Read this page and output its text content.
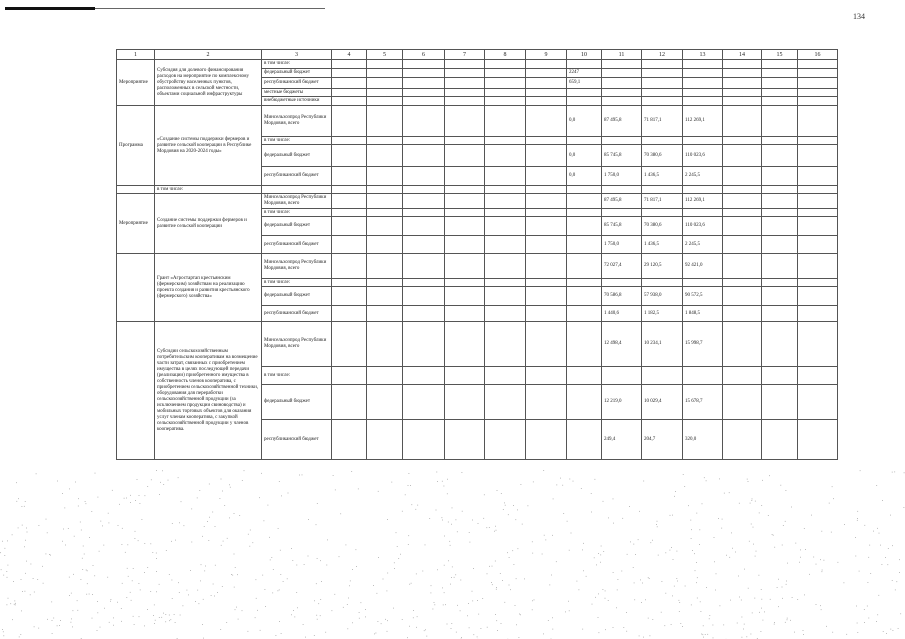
134
1	2	3	4	5	6	7	8	9	10	11	12	13	14	15	16
Мероприятие	Субсидия для долевого финансирования расходов на мероприятие по комплексному обустройству населенных пунктов, расположенных в сельской местности, объектами социальной инфраструктуры	в том числе:													
		федеральный бюджет							2247						
		республиканский бюджет							659,1						
		местные бюджеты													
		внебюджетные источники													
Программа	«Создание системы поддержки фермеров и развитие сельской кооперации в Республике Мордовия на 2020-2024 годы»	Минсельхозпрод Республики Мордовия, всего							0,0	87 495,8	71 817,1	112 269,1			
		в том числе:													
		федеральный бюджет							0,0	85 745,8	70 380,6	110 023,6			
		республиканский бюджет							0,0	1 750,0	1 436,5	2 245,5			
	в том числе:														
Мероприятие	Создание системы поддержки фермеров и развитие сельской кооперации	Минсельхозпрод Республики Мордовия, всего								87 495,8	71 817,1	112 269,1			
		в том числе:													
		федеральный бюджет								85 745,8	70 380,6	110 023,6			
		республиканский бюджет								1 750,0	1 436,5	2 245,5			
	Грант «Агростартап крестьянским (фермерским) хозяйствам на реализацию проекта создания и развития крестьянского (фермерского) хозяйства»	Минсельхозпрод Республики Мордовия, всего								72 027,4	29 120,5	92 421,0			
		в том числе:													
		федеральный бюджет								70 586,8	57 938,0	90 572,5			
		республиканский бюджет								1 440,6	1 182,5	1 848,5			
	Субсидии сельскохозяйственным потребительским кооперативам на возмещение части затрат, связанных с приобретением имущества в целях последующей передачи (реализации) приобретенного имущества в собственность членов кооператива, с приобретением сельскохозяйственной техники, оборудования для переработки сельскохозяйственной продукции (за исключением продукции свиноводства) и мобильных торговых объектов для оказания услуг членам кооператива, с закупкой сельскохозяйственной продукции у членов кооператива.	Минсельхозпрод Республики Мордовия, всего								12 498,4	10 234,1	15 998,7			
		в том числе:													
		федеральный бюджет								12 219,0	10 029,4	15 678,7			
		республиканский бюджет								249,4	204,7	320,0			
